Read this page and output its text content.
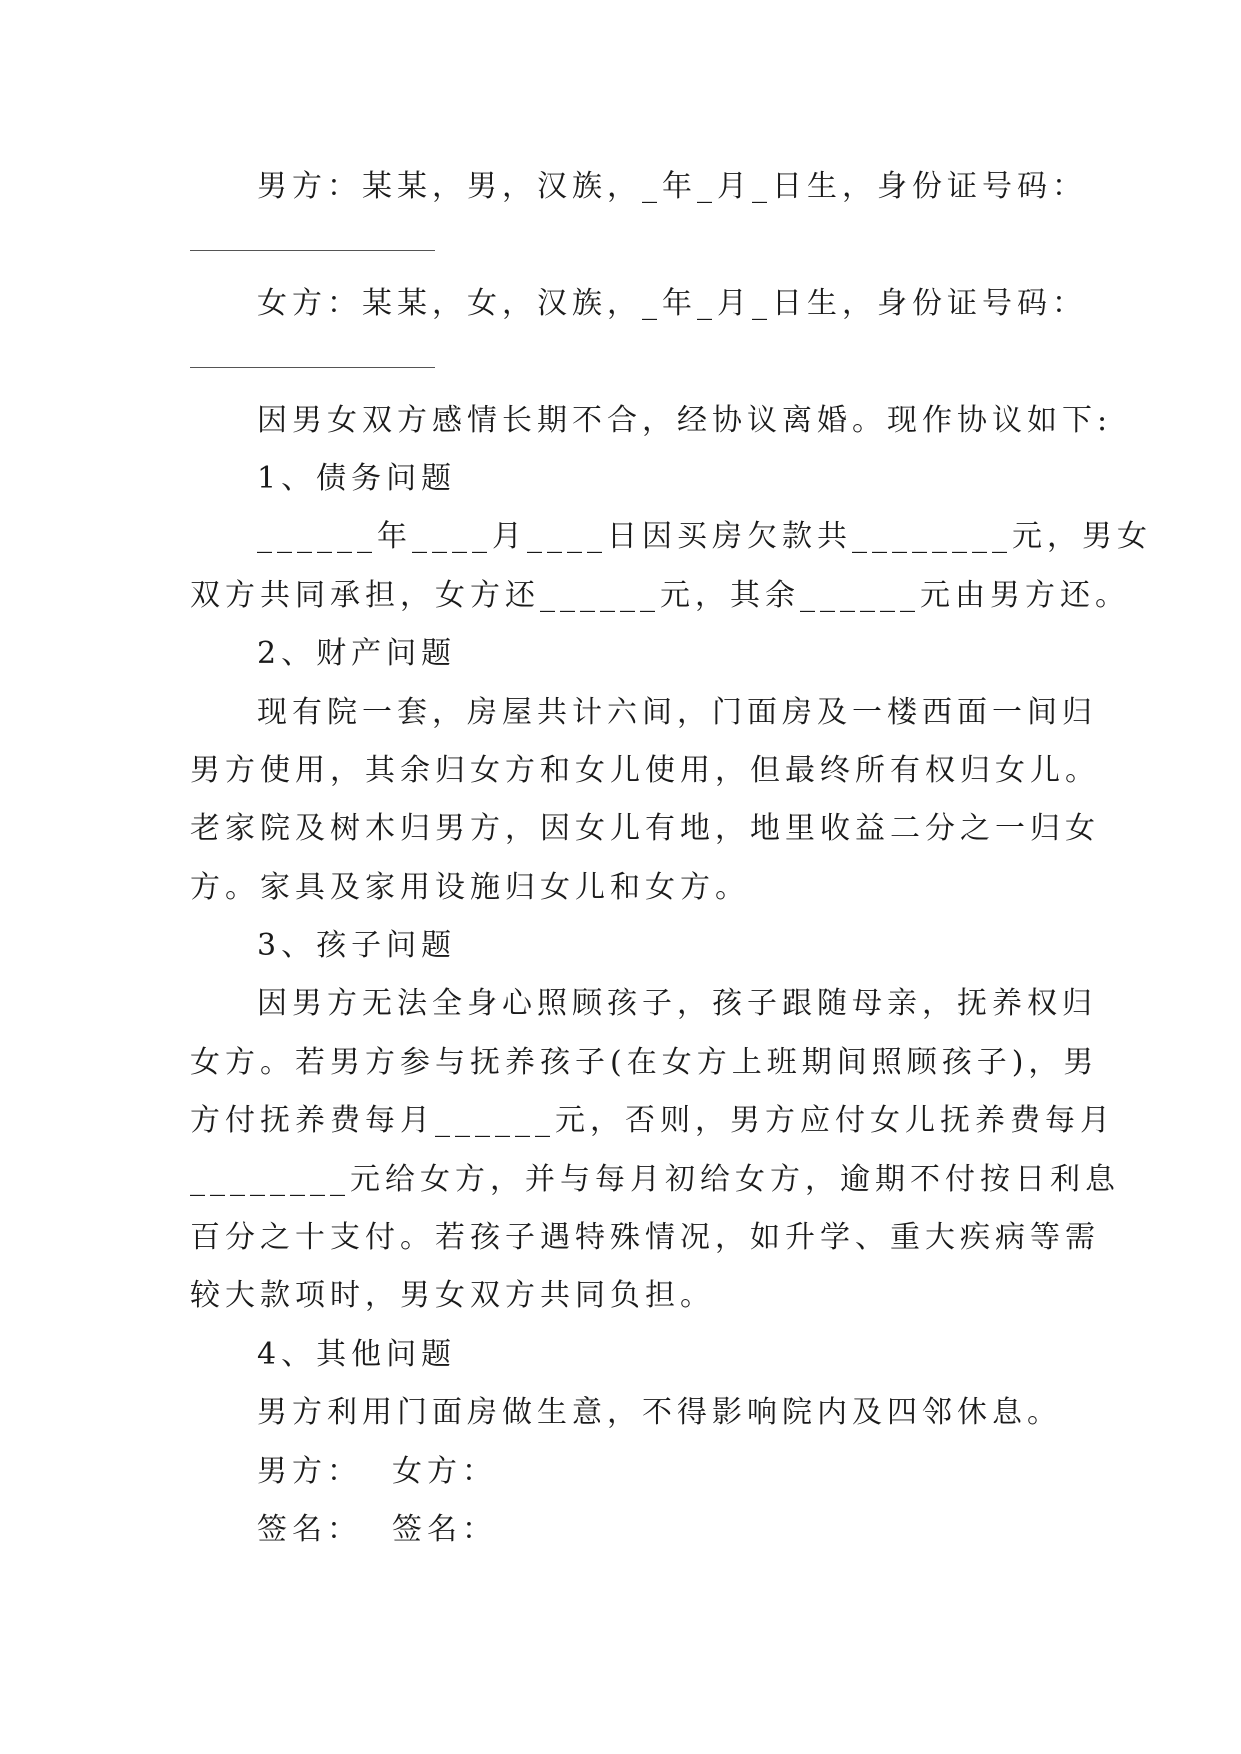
男方：某某，男，汉族，_年_月_日生，身份证号码：

女方：某某，女，汉族，_年_月_日生，身份证号码：

因男女双方感情长期不合，经协议离婚。现作协议如下:

1、债务问题

______年____月____日因买房欠款共________元，男女

双方共同承担，女方还______元，其余______元由男方还。

2、财产问题

现有院一套，房屋共计六间，门面房及一楼西面一间归

男方使用，其余归女方和女儿使用，但最终所有权归女儿。

老家院及树木归男方，因女儿有地，地里收益二分之一归女

方。家具及家用设施归女儿和女方。

3、孩子问题

因男方无法全身心照顾孩子，孩子跟随母亲，抚养权归

女方。若男方参与抚养孩子(在女方上班期间照顾孩子)，男

方付抚养费每月______元，否则，男方应付女儿抚养费每月

________元给女方，并与每月初给女方，逾期不付按日利息

百分之十支付。若孩子遇特殊情况，如升学、重大疾病等需

较大款项时，男女双方共同负担。

4、其他问题

男方利用门面房做生意，不得影响院内及四邻休息。

男方： 女方：

签名： 签名：
